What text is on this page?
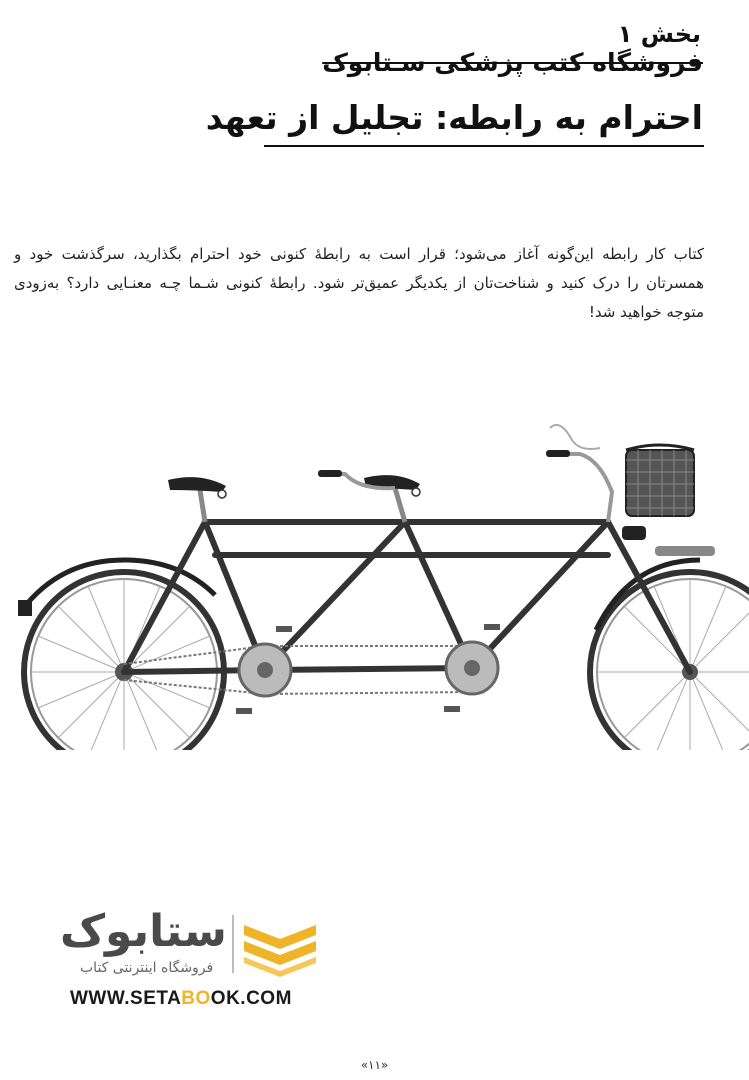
بخش ۱
فروشگاه کتب پزشکی سـتابوک
احترام به رابطه: تجلیل از تعهد
کتاب کار رابطه این‌گونه آغاز می‌شود؛ قرار است به رابطهٔ کنونی خود احترام بگذارید، سرگذشت خود و همسرتان را درک کنید و شناخت‌تان از یکدیگر عمیق‌تر شود. رابطهٔ کنونی شـما چـه معنـایی دارد؟ به‌زودی متوجه خواهید شد!
ستابوک
فروشگاه اینترنتی کتاب
WWW.SETABOOK.COM
«۱۱»
